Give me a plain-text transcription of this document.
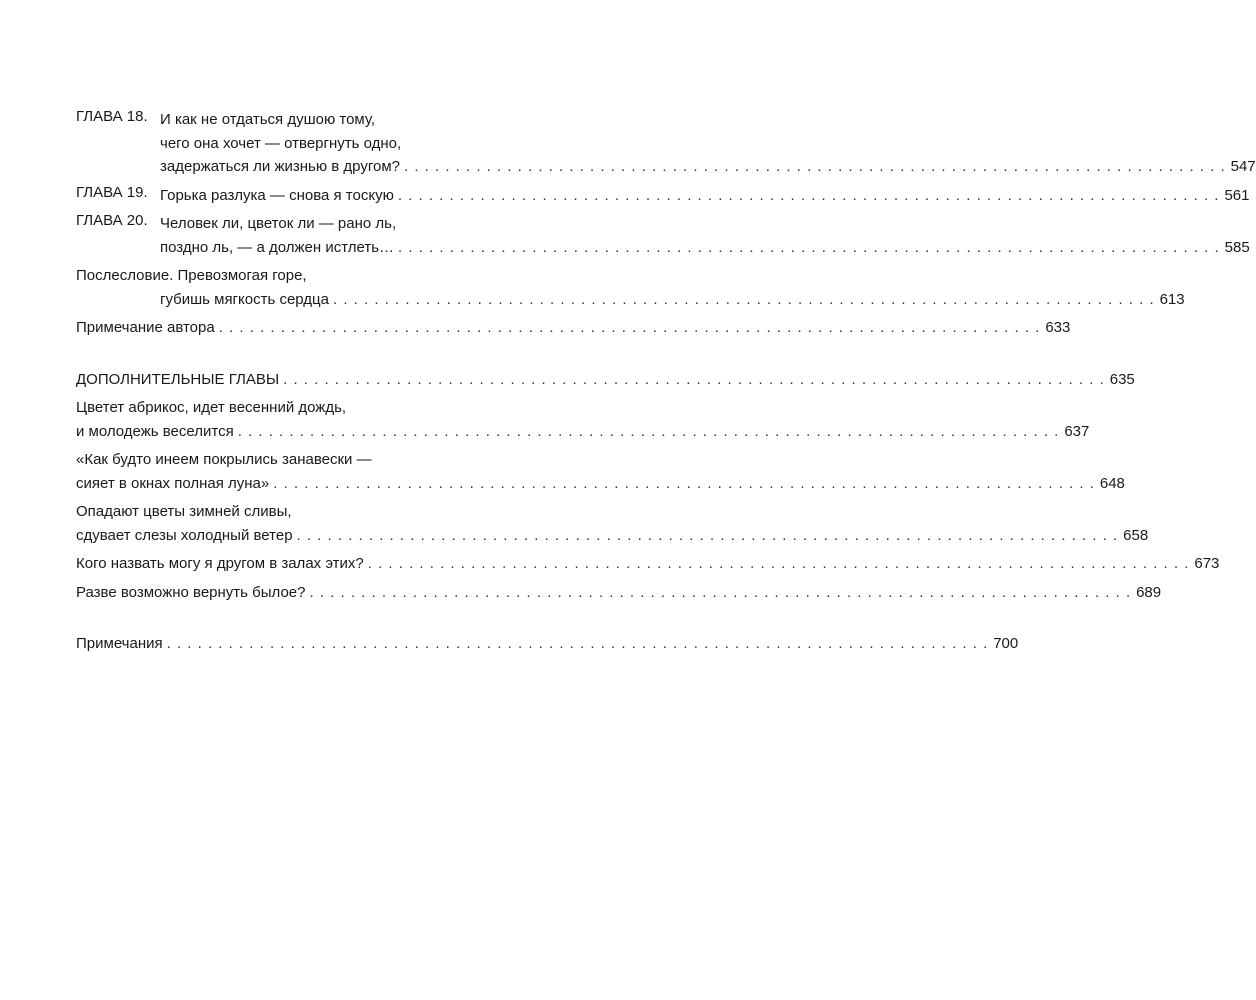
ГЛАВА 18. И как не отдаться душою тому,
чего она хочет — отвергнуть одно,
задержаться ли жизнью в другом? . . . . . . . . . . . . . . . . . . . . . . . . . . . . . . . . . . . . . . . . . . . . . . . . . . . . . . . . . . . . . . . . . . . . . . . . . . . . . . . . 547
ГЛАВА 19. Горька разлука — снова я тоскую . . . . . . . . . . . . . . . . . . . . . . . . . . . . . . . . . . . . . . . . . . . . . . . . . . . . . . . . . . . . . . . . . . . . . . . . . . . . . . . . 561
ГЛАВА 20. Человек ли, цветок ли — рано ль,
поздно ль, — а должен истлеть… . . . . . . . . . . . . . . . . . . . . . . . . . . . . . . . . . . . . . . . . . . . . . . . . . . . . . . . . . . . . . . . . . . . . . . . . . . . . . . . . 585
Послесловие. Превозмогая горе,
губишь мягкость сердца . . . . . . . . . . . . . . . . . . . . . . . . . . . . . . . . . . . . . . . . . . . . . . . . . . . . . . . . . . . . . . . . . . . . . . . . . . . . . . . . 613
Примечание автора . . . . . . . . . . . . . . . . . . . . . . . . . . . . . . . . . . . . . . . . . . . . . . . . . . . . . . . . . . . . . . . . . . . . . . . . . . . . . . . . 633
ДОПОЛНИТЕЛЬНЫЕ ГЛАВЫ . . . . . . . . . . . . . . . . . . . . . . . . . . . . . . . . . . . . . . . . . . . . . . . . . . . . . . . . . . . . . . . . . . . . . . . . . . . . . . . . 635
Цветет абрикос, идет весенний дождь,
и молодежь веселится . . . . . . . . . . . . . . . . . . . . . . . . . . . . . . . . . . . . . . . . . . . . . . . . . . . . . . . . . . . . . . . . . . . . . . . . . . . . . . . . 637
«Как будто инеем покрылись занавески —
сияет в окнах полная луна» . . . . . . . . . . . . . . . . . . . . . . . . . . . . . . . . . . . . . . . . . . . . . . . . . . . . . . . . . . . . . . . . . . . . . . . . . . . . . . . . 648
Опадают цветы зимней сливы,
сдувает слезы холодный ветер . . . . . . . . . . . . . . . . . . . . . . . . . . . . . . . . . . . . . . . . . . . . . . . . . . . . . . . . . . . . . . . . . . . . . . . . . . . . . . . . 658
Кого назвать могу я другом в залах этих? . . . . . . . . . . . . . . . . . . . . . . . . . . . . . . . . . . . . . . . . . . . . . . . . . . . . . . . . . . . . . . . . . . . . . . . . . . . . . . . . 673
Разве возможно вернуть былое? . . . . . . . . . . . . . . . . . . . . . . . . . . . . . . . . . . . . . . . . . . . . . . . . . . . . . . . . . . . . . . . . . . . . . . . . . . . . . . . . 689
Примечания . . . . . . . . . . . . . . . . . . . . . . . . . . . . . . . . . . . . . . . . . . . . . . . . . . . . . . . . . . . . . . . . . . . . . . . . . . . . . . . . 700
